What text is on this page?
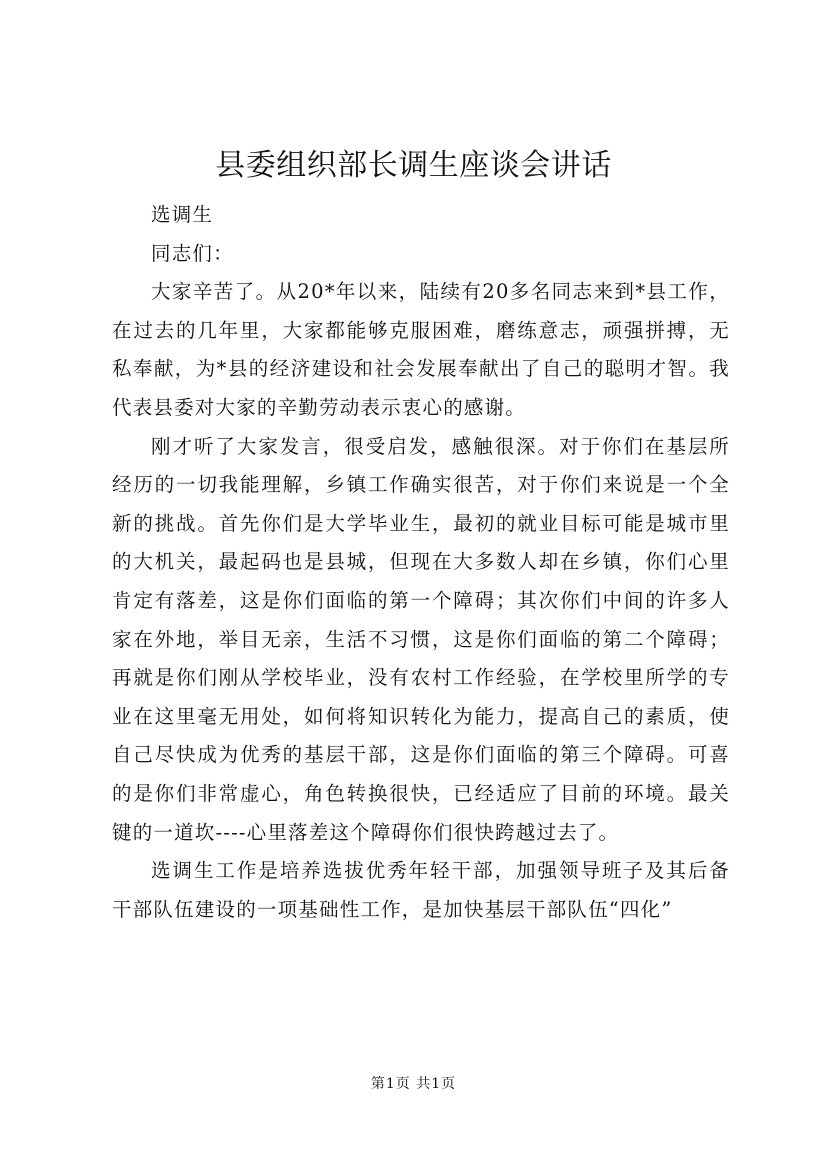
县委组织部长调生座谈会讲话

选调生

同志们：

大家辛苦了。从20*年以来，陆续有20多名同志来到*县工作，在过去的几年里，大家都能够克服困难，磨练意志，顽强拼搏，无私奉献，为*县的经济建设和社会发展奉献出了自己的聪明才智。我代表县委对大家的辛勤劳动表示衷心的感谢。

刚才听了大家发言，很受启发，感触很深。对于你们在基层所经历的一切我能理解，乡镇工作确实很苦，对于你们来说是一个全新的挑战。首先你们是大学毕业生，最初的就业目标可能是城市里的大机关，最起码也是县城，但现在大多数人却在乡镇，你们心里肯定有落差，这是你们面临的第一个障碍；其次你们中间的许多人家在外地，举目无亲，生活不习惯，这是你们面临的第二个障碍；再就是你们刚从学校毕业，没有农村工作经验，在学校里所学的专业在这里毫无用处，如何将知识转化为能力，提高自己的素质，使自己尽快成为优秀的基层干部，这是你们面临的第三个障碍。可喜的是你们非常虚心，角色转换很快，已经适应了目前的环境。最关键的一道坎----心里落差这个障碍你们很快跨越过去了。

选调生工作是培养选拔优秀年轻干部，加强领导班子及其后备干部队伍建设的一项基础性工作，是加快基层干部队伍“四化”

第1页 共1页
